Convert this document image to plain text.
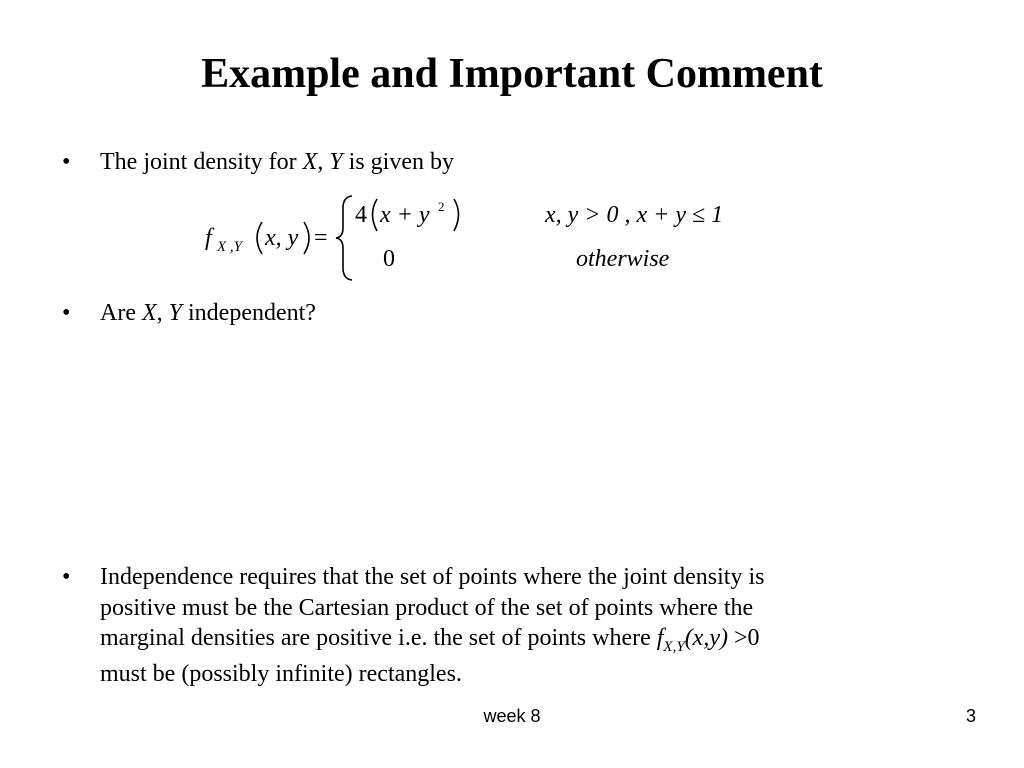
Example and Important Comment
•	The joint density for X, Y is given by
f X ,Y x, y =
4 x + y 2	x, y > 0 , x + y ≤ 1
0	otherwise
•	Are X, Y independent?
•	Independence requires that the set of points where the joint density is
positive must be the Cartesian product of the set of points where the
marginal densities are positive i.e. the set of points where $f_{X,Y}(x,y) >0$
must be (possibly infinite) rectangles.
week 8	3
